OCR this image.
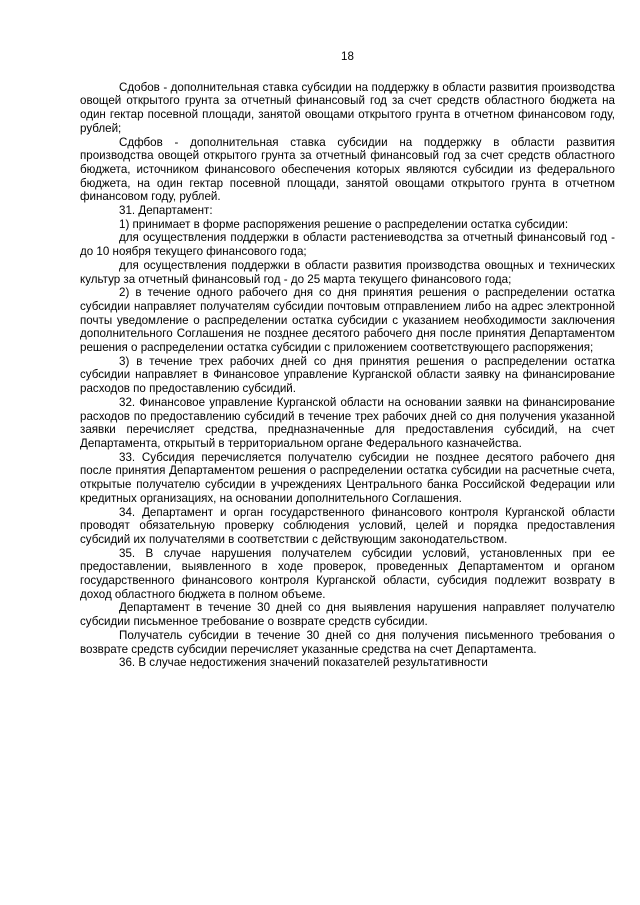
18

Cдобов - дополнительная ставка субсидии на поддержку в области развития производства овощей открытого грунта за отчетный финансовый год за счет средств областного бюджета на один гектар посевной площади, занятой овощами открытого грунта в отчетном финансовом году, рублей;

Cдфбов - дополнительная ставка субсидии на поддержку в области развития производства овощей открытого грунта за отчетный финансовый год за счет средств областного бюджета, источником финансового обеспечения которых являются субсидии из федерального бюджета, на один гектар посевной площади, занятой овощами открытого грунта в отчетном финансовом году, рублей.

31. Департамент:

1) принимает в форме распоряжения решение о распределении остатка субсидии:

для осуществления поддержки в области растениеводства за отчетный финансовый год - до 10 ноября текущего финансового года;

для осуществления поддержки в области развития производства овощных и технических культур за отчетный финансовый год - до 25 марта текущего финансового года;

2) в течение одного рабочего дня со дня принятия решения о распределении остатка субсидии направляет получателям субсидии почтовым отправлением либо на адрес электронной почты уведомление о распределении остатка субсидии с указанием необходимости заключения дополнительного Соглашения не позднее десятого рабочего дня после принятия Департаментом решения о распределении остатка субсидии с приложением соответствующего распоряжения;

3) в течение трех рабочих дней со дня принятия решения о распределении остатка субсидии направляет в Финансовое управление Курганской области заявку на финансирование расходов по предоставлению субсидий.

32. Финансовое управление Курганской области на основании заявки на финансирование расходов по предоставлению субсидий в течение трех рабочих дней со дня получения указанной заявки перечисляет средства, предназначенные для предоставления субсидий, на счет Департамента, открытый в территориальном органе Федерального казначейства.

33. Субсидия перечисляется получателю субсидии не позднее десятого рабочего дня после принятия Департаментом решения о распределении остатка субсидии на расчетные счета, открытые получателю субсидии в учреждениях Центрального банка Российской Федерации или кредитных организациях, на основании дополнительного Соглашения.

34. Департамент и орган государственного финансового контроля Курганской области проводят обязательную проверку соблюдения условий, целей и порядка предоставления субсидий их получателями в соответствии с действующим законодательством.

35. В случае нарушения получателем субсидии условий, установленных при ее предоставлении, выявленного в ходе проверок, проведенных Департаментом и органом государственного финансового контроля Курганской области, субсидия подлежит возврату в доход областного бюджета в полном объеме.

Департамент в течение 30 дней со дня выявления нарушения направляет получателю субсидии письменное требование о возврате средств субсидии.

Получатель субсидии в течение 30 дней со дня получения письменного требования о возврате средств субсидии перечисляет указанные средства на счет Департамента.

36. В случае недостижения значений показателей результативности
